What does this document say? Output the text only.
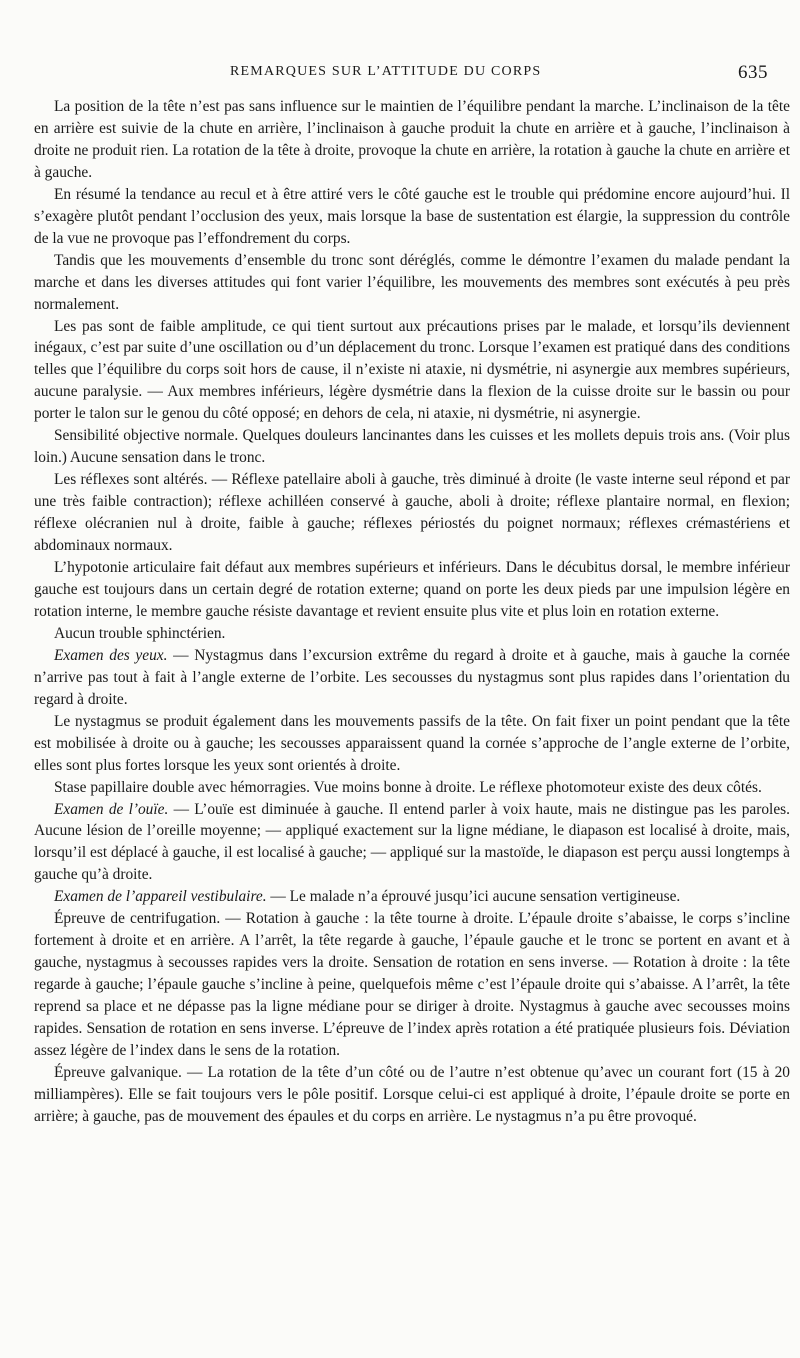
REMARQUES SUR L’ATTITUDE DU CORPS	635

La position de la tête n’est pas sans influence sur le maintien de l’équilibre pendant la marche. L’inclinaison de la tête en arrière est suivie de la chute en arrière, l’inclinaison à gauche produit la chute en arrière et à gauche, l’inclinaison à droite ne produit rien. La rotation de la tête à droite, provoque la chute en arrière, la rotation à gauche la chute en arrière et à gauche.

En résumé la tendance au recul et à être attiré vers le côté gauche est le trouble qui prédomine encore aujourd’hui. Il s’exagère plutôt pendant l’occlusion des yeux, mais lorsque la base de sustentation est élargie, la suppression du contrôle de la vue ne provoque pas l’effondrement du corps.

Tandis que les mouvements d’ensemble du tronc sont déréglés, comme le démontre l’examen du malade pendant la marche et dans les diverses attitudes qui font varier l’équilibre, les mouvements des membres sont exécutés à peu près normalement.

Les pas sont de faible amplitude, ce qui tient surtout aux précautions prises par le malade, et lorsqu’ils deviennent inégaux, c’est par suite d’une oscillation ou d’un déplacement du tronc. Lorsque l’examen est pratiqué dans des conditions telles que l’équilibre du corps soit hors de cause, il n’existe ni ataxie, ni dysmétrie, ni asynergie aux membres supérieurs, aucune paralysie. — Aux membres inférieurs, légère dysmétrie dans la flexion de la cuisse droite sur le bassin ou pour porter le talon sur le genou du côté opposé; en dehors de cela, ni ataxie, ni dysmétrie, ni asynergie.

Sensibilité objective normale. Quelques douleurs lancinantes dans les cuisses et les mollets depuis trois ans. (Voir plus loin.) Aucune sensation dans le tronc.

Les réflexes sont altérés. — Réflexe patellaire aboli à gauche, très diminué à droite (le vaste interne seul répond et par une très faible contraction); réflexe achilléen conservé à gauche, aboli à droite; réflexe plantaire normal, en flexion; réflexe olécranien nul à droite, faible à gauche; réflexes périostés du poignet normaux; réflexes crémastériens et abdominaux normaux.

L’hypotonie articulaire fait défaut aux membres supérieurs et inférieurs. Dans le décubitus dorsal, le membre inférieur gauche est toujours dans un certain degré de rotation externe; quand on porte les deux pieds par une impulsion légère en rotation interne, le membre gauche résiste davantage et revient ensuite plus vite et plus loin en rotation externe.

Aucun trouble sphinctérien.

Examen des yeux. — Nystagmus dans l’excursion extrême du regard à droite et à gauche, mais à gauche la cornée n’arrive pas tout à fait à l’angle externe de l’orbite. Les secousses du nystagmus sont plus rapides dans l’orientation du regard à droite.

Le nystagmus se produit également dans les mouvements passifs de la tête. On fait fixer un point pendant que la tête est mobilisée à droite ou à gauche; les secousses apparaissent quand la cornée s’approche de l’angle externe de l’orbite, elles sont plus fortes lorsque les yeux sont orientés à droite.

Stase papillaire double avec hémorragies. Vue moins bonne à droite. Le réflexe photomoteur existe des deux côtés.

Examen de l’ouïe. — L’ouïe est diminuée à gauche. Il entend parler à voix haute, mais ne distingue pas les paroles. Aucune lésion de l’oreille moyenne; — appliqué exactement sur la ligne médiane, le diapason est localisé à droite, mais, lorsqu’il est déplacé à gauche, il est localisé à gauche; — appliqué sur la mastoïde, le diapason est perçu aussi longtemps à gauche qu’à droite.

Examen de l’appareil vestibulaire. — Le malade n’a éprouvé jusqu’ici aucune sensation vertigineuse.

Épreuve de centrifugation. — Rotation à gauche : la tête tourne à droite. L’épaule droite s’abaisse, le corps s’incline fortement à droite et en arrière. A l’arrêt, la tête regarde à gauche, l’épaule gauche et le tronc se portent en avant et à gauche, nystagmus à secousses rapides vers la droite. Sensation de rotation en sens inverse. — Rotation à droite : la tête regarde à gauche; l’épaule gauche s’incline à peine, quelquefois même c’est l’épaule droite qui s’abaisse. A l’arrêt, la tête reprend sa place et ne dépasse pas la ligne médiane pour se diriger à droite. Nystagmus à gauche avec secousses moins rapides. Sensation de rotation en sens inverse. L’épreuve de l’index après rotation a été pratiquée plusieurs fois. Déviation assez légère de l’index dans le sens de la rotation.

Épreuve galvanique. — La rotation de la tête d’un côté ou de l’autre n’est obtenue qu’avec un courant fort (15 à 20 milliampères). Elle se fait toujours vers le pôle positif. Lorsque celui-ci est appliqué à droite, l’épaule droite se porte en arrière; à gauche, pas de mouvement des épaules et du corps en arrière. Le nystagmus n’a pu être provoqué.
